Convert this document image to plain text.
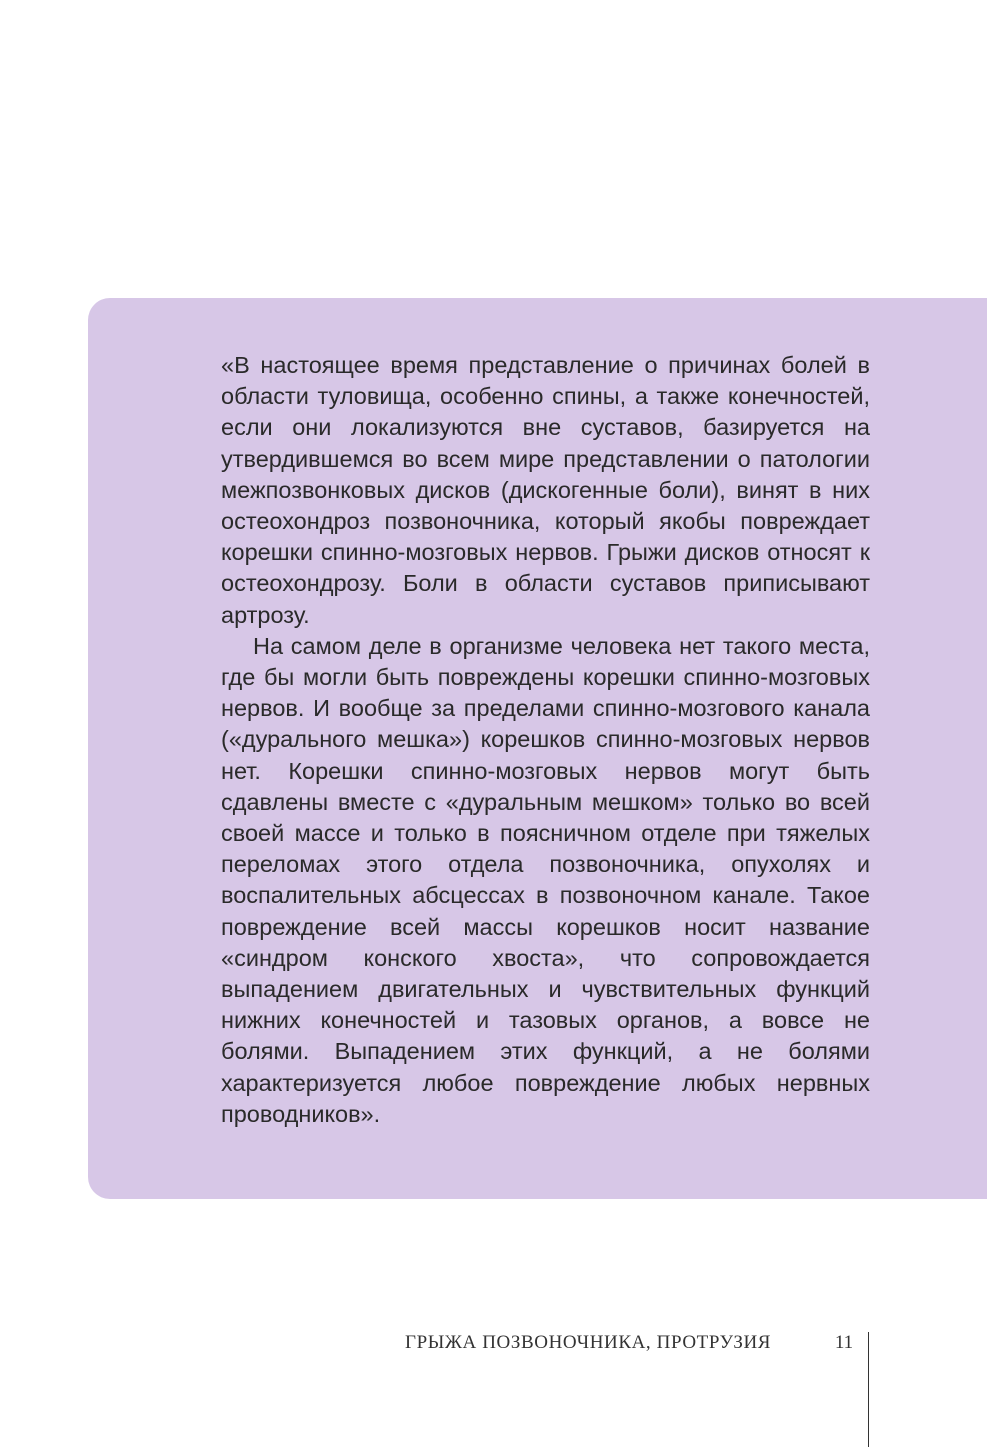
«В настоящее время представление о причинах болей в области туловища, особенно спины, а также конечностей, если они локализуются вне суставов, базируется на утвердившемся во всем мире представлении о патологии межпозвонковых дисков (дискогенные боли), винят в них остеохондроз позвоночника, который якобы повреждает корешки спинно-мозговых нервов. Грыжи дисков относят к остеохондрозу. Боли в области суставов приписывают артрозу.

На самом деле в организме человека нет такого места, где бы могли быть повреждены корешки спинно-мозговых нервов. И вообще за пределами спинно-мозгового канала («дурального мешка») корешков спинно-мозговых нервов нет. Корешки спинно-мозговых нервов могут быть сдавлены вместе с «дуральным мешком» только во всей своей массе и только в поясничном отделе при тяжелых переломах этого отдела позвоночника, опухолях и воспалительных абсцессах в позвоночном канале. Такое повреждение всей массы корешков носит название «синдром конского хвоста», что сопровождается выпадением двигательных и чувствительных функций нижних конечностей и тазовых органов, а вовсе не болями. Выпадением этих функций, а не болями характеризуется любое повреждение любых нервных проводников».

ГРЫЖА ПОЗВОНОЧНИКА, ПРОТРУЗИЯ	11
